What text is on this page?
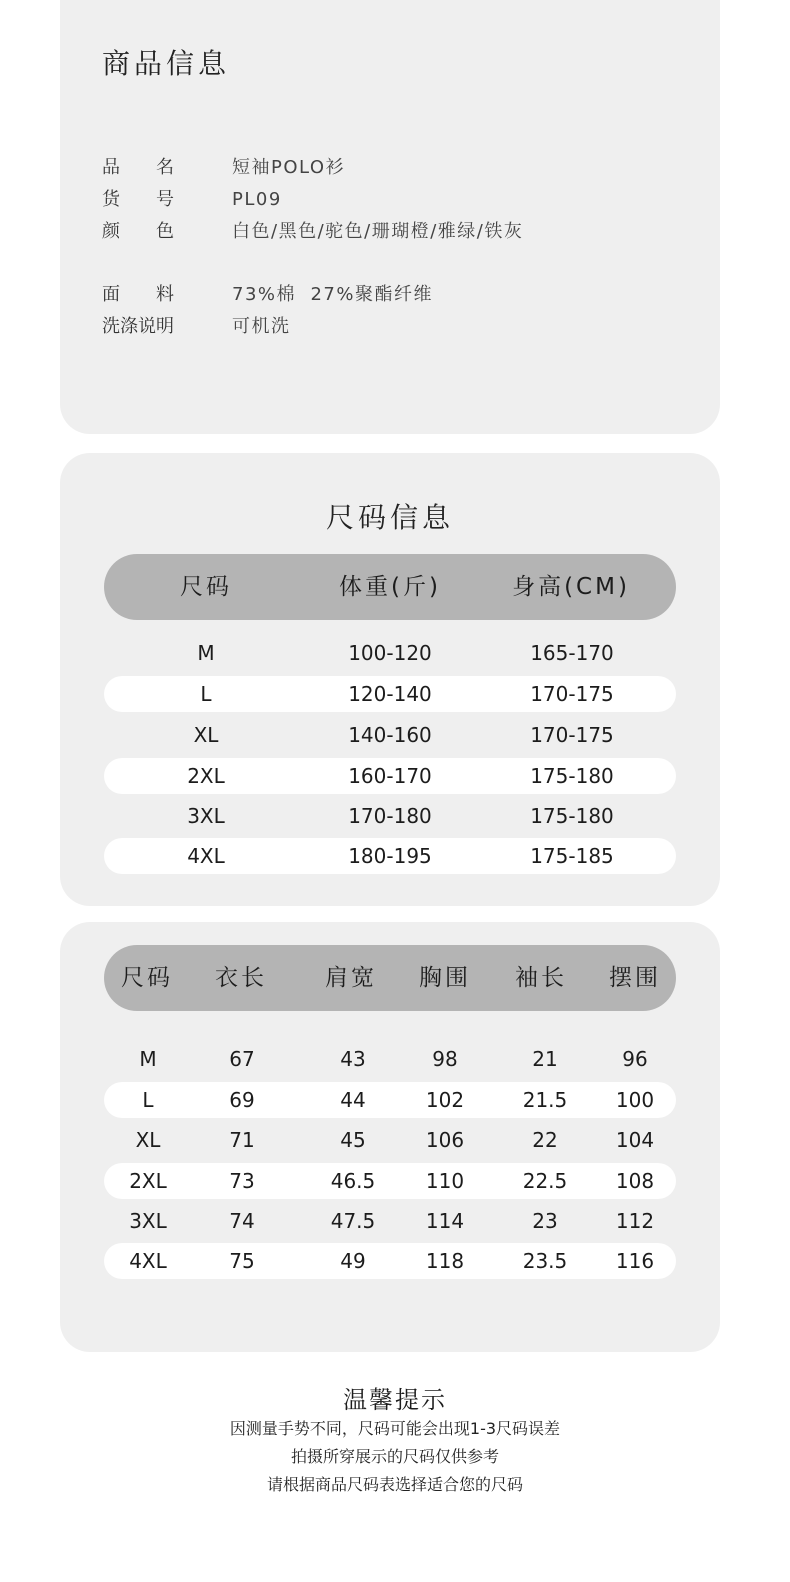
商品信息
品名 短袖POLO衫
货号 PL09
颜色 白色/黑色/驼色/珊瑚橙/雅绿/铁灰
面料 73%棉  27%聚酯纤维
洗涤说明	可机洗
尺码信息
尺码	体重(斤)	身高(CM)
M	100-120	165-170
L	120-140	170-175
XL	140-160	170-175
2XL	160-170	175-180
3XL	170-180	175-180
4XL	180-195	175-185
尺码	衣长	肩宽	胸围	袖长	摆围
M	67	43	98	21	96
L	69	44	102	21.5	100
XL	71	45	106	22	104
2XL	73	46.5	110	22.5	108
3XL	74	47.5	114	23	112
4XL	75	49	118	23.5	116
温馨提示
因测量手势不同，尺码可能会出现1-3尺码误差
拍摄所穿展示的尺码仅供参考
请根据商品尺码表选择适合您的尺码
